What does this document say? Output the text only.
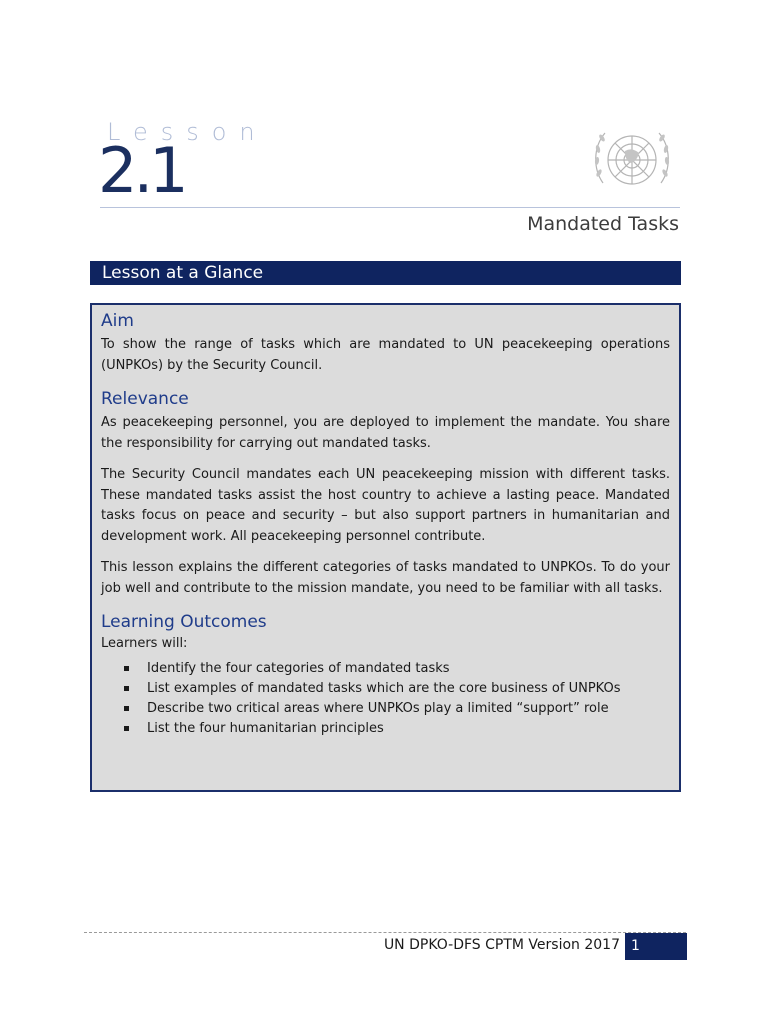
Lesson
2.1
Mandated Tasks
Lesson at a Glance
Aim

To show the range of tasks which are mandated to UN peacekeeping operations (UNPKOs) by the Security Council.

Relevance

As peacekeeping personnel, you are deployed to implement the mandate. You share the responsibility for carrying out mandated tasks.

The Security Council mandates each UN peacekeeping mission with different tasks. These mandated tasks assist the host country to achieve a lasting peace. Mandated tasks focus on peace and security – but also support partners in humanitarian and development work. All peacekeeping personnel contribute.

This lesson explains the different categories of tasks mandated to UNPKOs. To do your job well and contribute to the mission mandate, you need to be familiar with all tasks.

Learning Outcomes

Learners will:

Identify the four categories of mandated tasks
List examples of mandated tasks which are the core business of UNPKOs
Describe two critical areas where UNPKOs play a limited “support” role
List the four humanitarian principles
UN DPKO-DFS CPTM Version 2017 1
